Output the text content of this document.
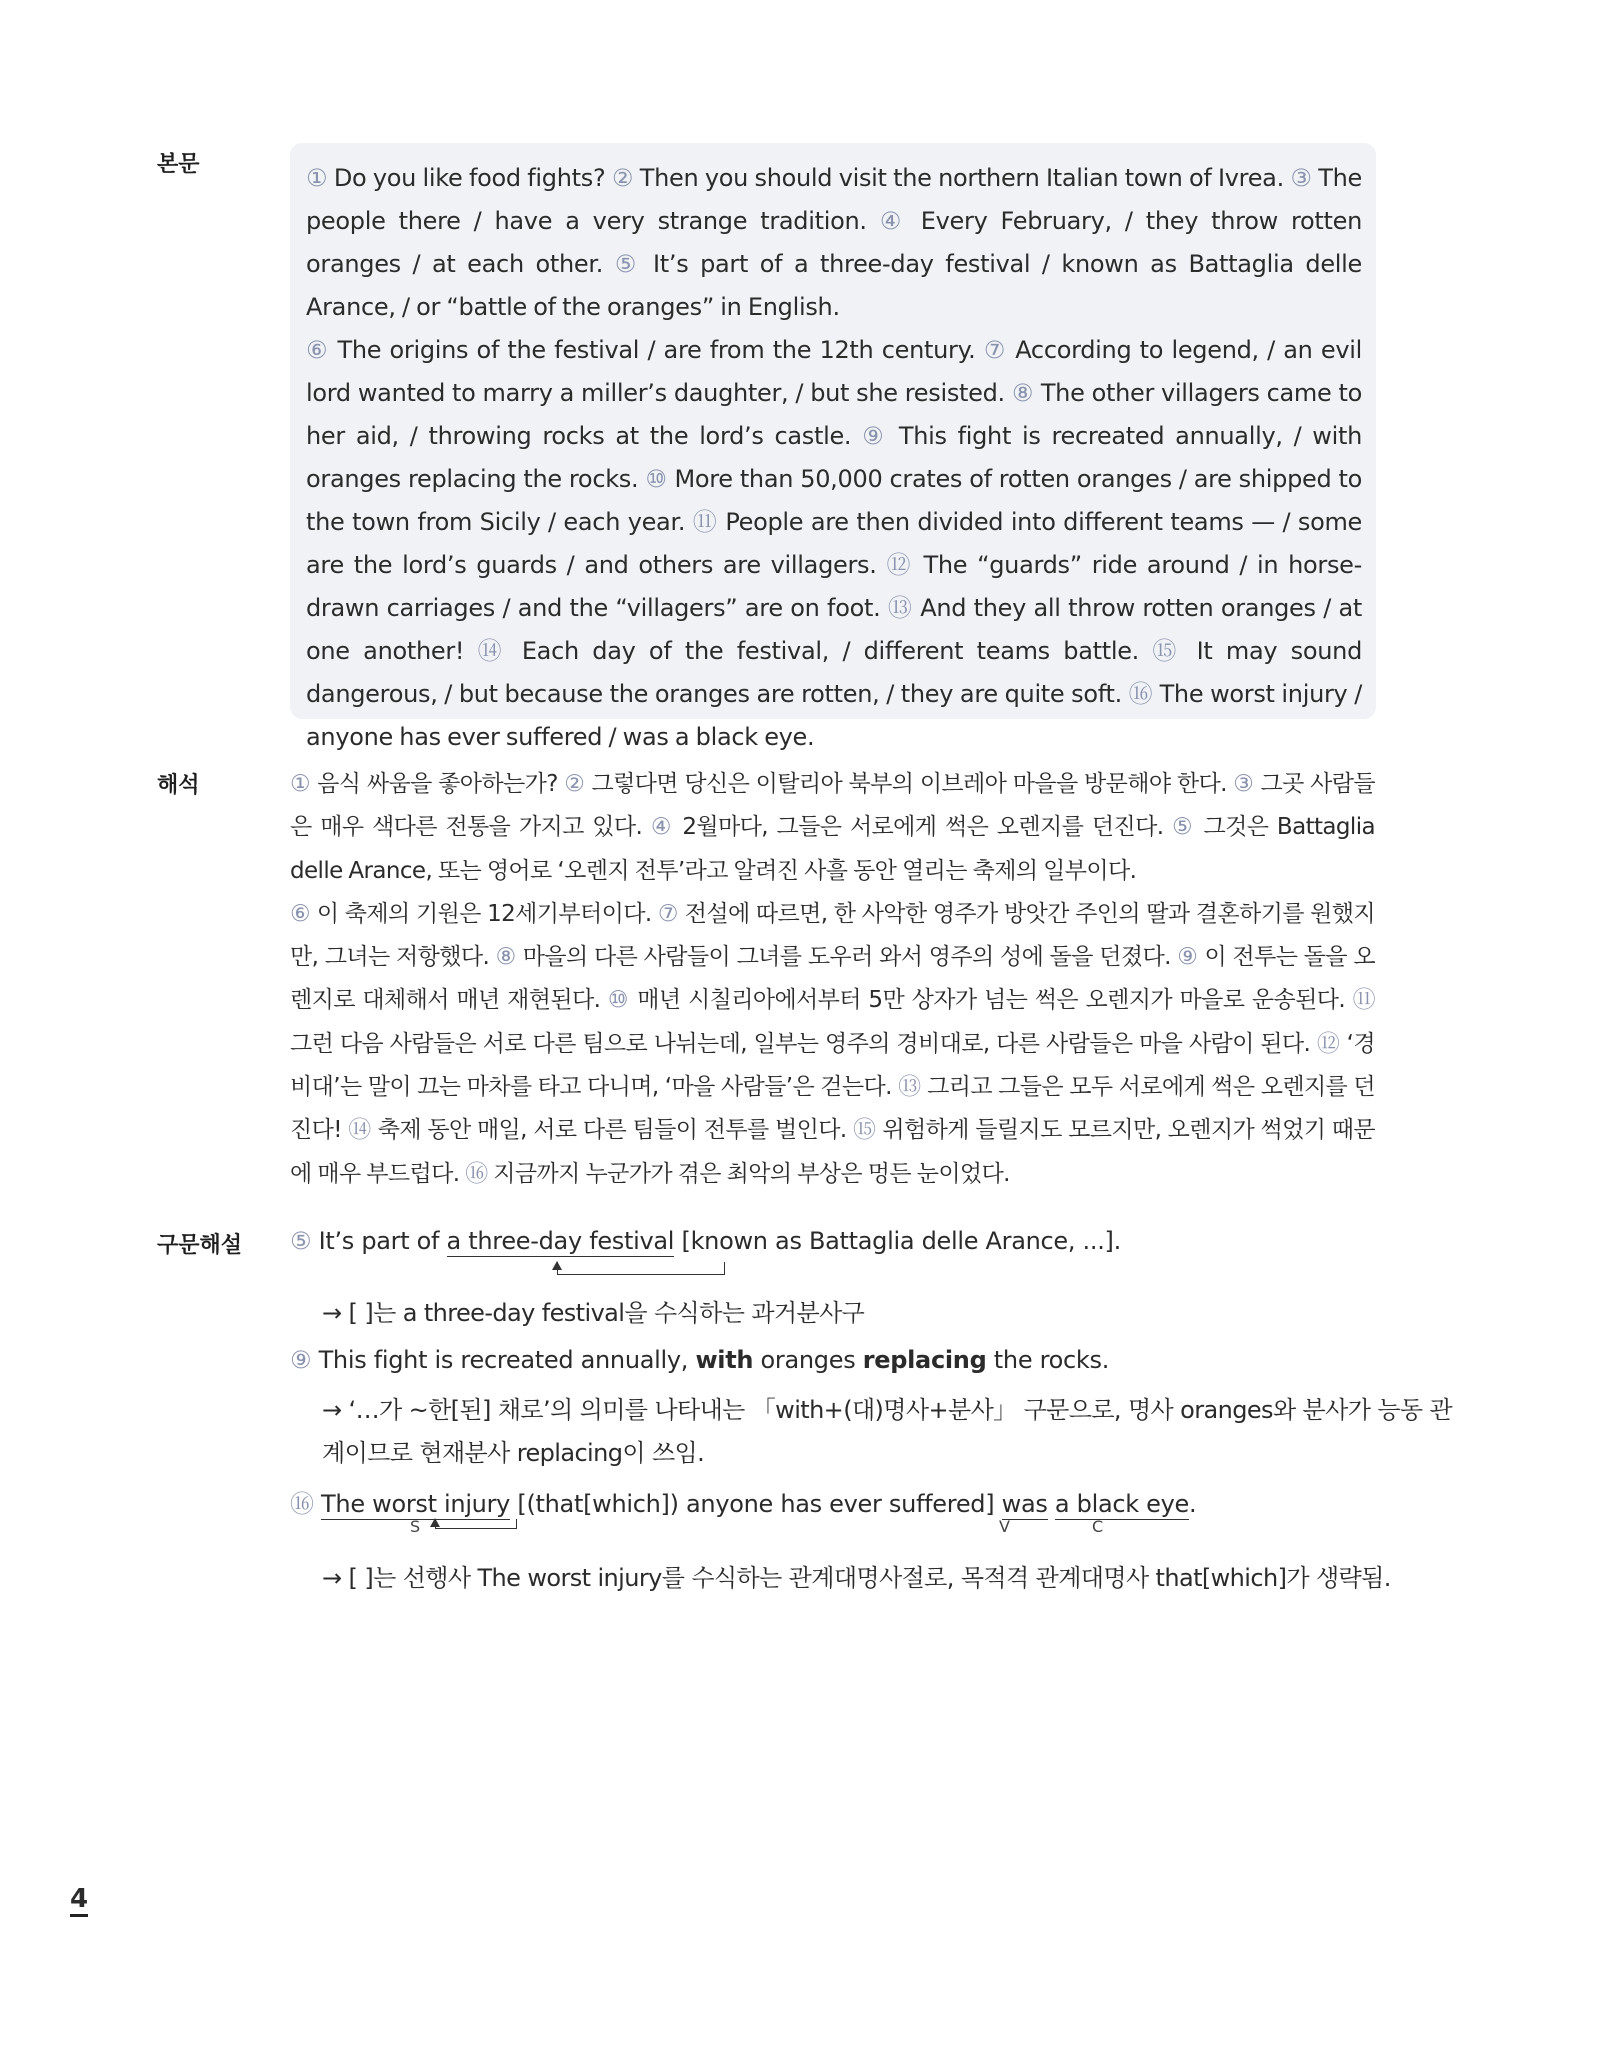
본문
해석
구문해설

① Do you like food fights? ② Then you should visit the northern Italian town of Ivrea. ③ The people there / have a very strange tradition. ④ Every February, / they throw rotten oranges / at each other. ⑤ It’s part of a three-day festival / known as Battaglia delle Arance, / or “battle of the oranges” in English.
⑥ The origins of the festival / are from the 12th century. ⑦ According to legend, / an evil lord wanted to marry a miller’s daughter, / but she resisted. ⑧ The other villagers came to her aid, / throwing rocks at the lord’s castle. ⑨ This fight is recreated annually, / with oranges replacing the rocks. ⑩ More than 50,000 crates of rotten oranges / are shipped to the town from Sicily / each year. ⑪ People are then divided into different teams — / some are the lord’s guards / and others are villagers. ⑫ The “guards” ride around / in horse-drawn carriages / and the “villagers” are on foot. ⑬ And they all throw rotten oranges / at one another! ⑭ Each day of the festival, / different teams battle. ⑮ It may sound dangerous, / but because the oranges are rotten, / they are quite soft. ⑯ The worst injury / anyone has ever suffered / was a black eye.

① 음식 싸움을 좋아하는가? ② 그렇다면 당신은 이탈리아 북부의 이브레아 마을을 방문해야 한다. ③ 그곳 사람들은 매우 색다른 전통을 가지고 있다. ④ 2월마다, 그들은 서로에게 썩은 오렌지를 던진다. ⑤ 그것은 Battaglia delle Arance, 또는 영어로 ‘오렌지 전투’라고 알려진 사흘 동안 열리는 축제의 일부이다.
⑥ 이 축제의 기원은 12세기부터이다. ⑦ 전설에 따르면, 한 사악한 영주가 방앗간 주인의 딸과 결혼하기를 원했지만, 그녀는 저항했다. ⑧ 마을의 다른 사람들이 그녀를 도우러 와서 영주의 성에 돌을 던졌다. ⑨ 이 전투는 돌을 오렌지로 대체해서 매년 재현된다. ⑩ 매년 시칠리아에서부터 5만 상자가 넘는 썩은 오렌지가 마을로 운송된다. ⑪ 그런 다음 사람들은 서로 다른 팀으로 나뉘는데, 일부는 영주의 경비대로, 다른 사람들은 마을 사람이 된다. ⑫ ‘경비대’는 말이 끄는 마차를 타고 다니며, ‘마을 사람들’은 걷는다. ⑬ 그리고 그들은 모두 서로에게 썩은 오렌지를 던진다! ⑭ 축제 동안 매일, 서로 다른 팀들이 전투를 벌인다. ⑮ 위험하게 들릴지도 모르지만, 오렌지가 썩었기 때문에 매우 부드럽다. ⑯ 지금까지 누군가가 겪은 최악의 부상은 멍든 눈이었다.

⑤ It’s part of a three-day festival [known as Battaglia delle Arance, ...].
→ [ ]는 a three-day festival을 수식하는 과거분사구
⑨ This fight is recreated annually, with oranges replacing the rocks.
→ ‘…가 ~한[된] 채로’의 의미를 나타내는 「with+(대)명사+분사」 구문으로, 명사 oranges와 분사가 능동 관
계이므로 현재분사 replacing이 쓰임.
⑯ The worst injury [(that[which]) anyone has ever suffered] was a black eye.
S	V	C
→ [ ]는 선행사 The worst injury를 수식하는 관계대명사절로, 목적격 관계대명사 that[which]가 생략됨.
4
